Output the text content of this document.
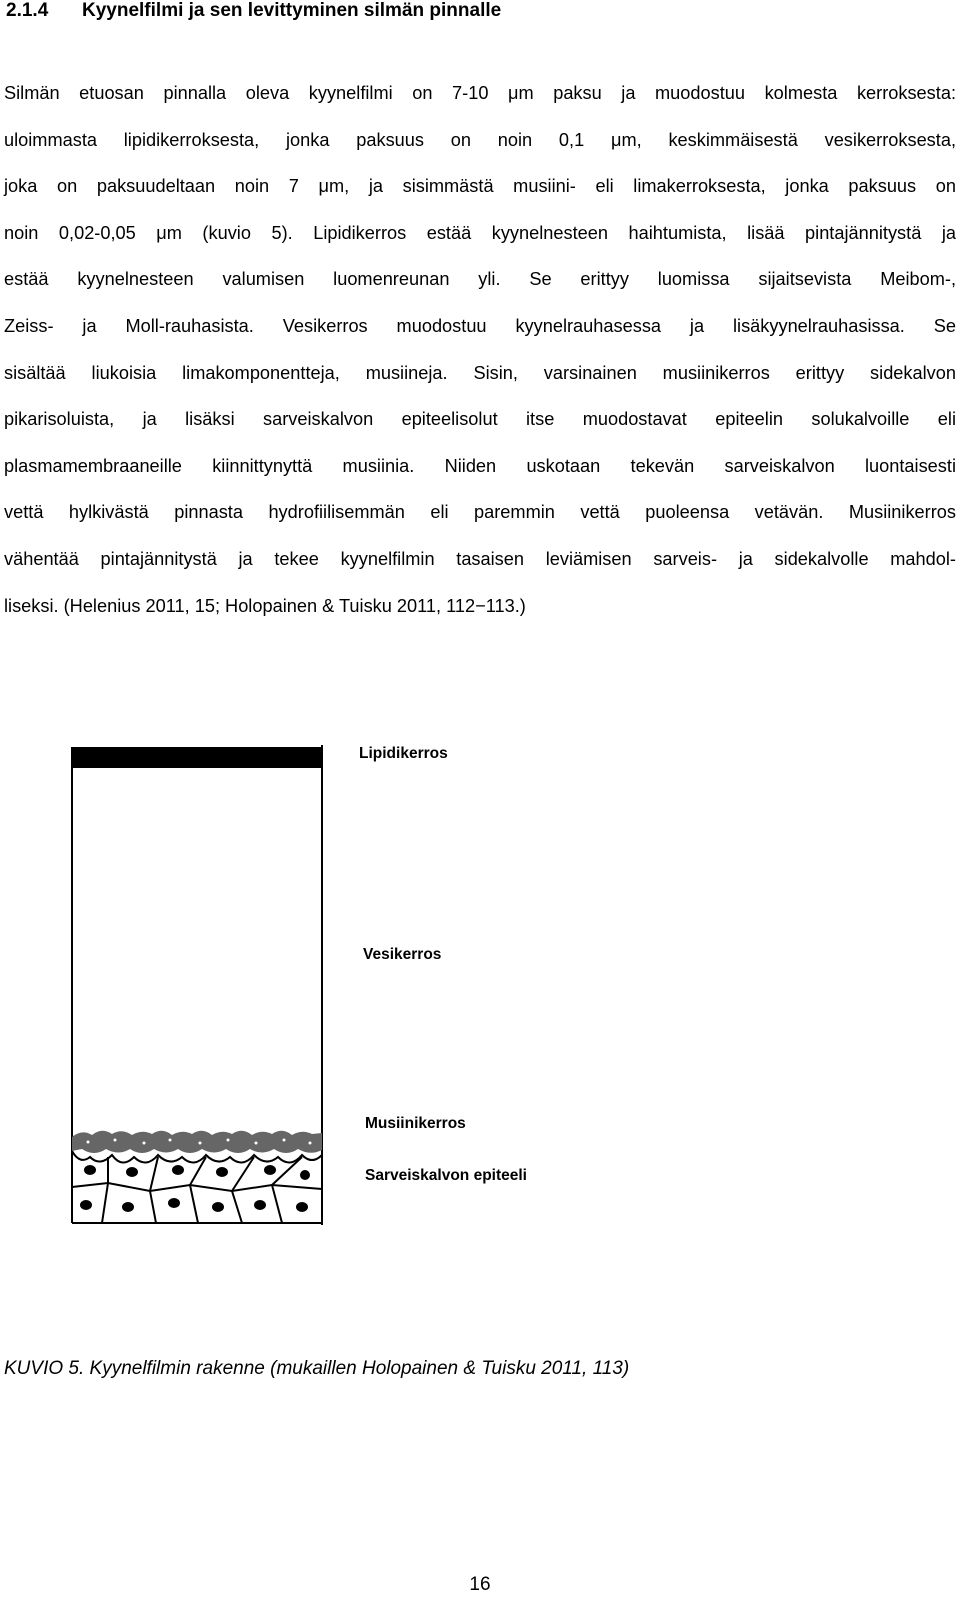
2.1.4 Kyynelfilmi ja sen levittyminen silmän pinnalle
Silmän etuosan pinnalla oleva kyynelfilmi on 7-10 μm paksu ja muodostuu kolmesta kerroksesta:
uloimmasta lipidikerroksesta, jonka paksuus on noin 0,1 μm, keskimmäisestä vesikerroksesta,
joka on paksuudeltaan noin 7 μm, ja sisimmästä musiini- eli limakerroksesta, jonka paksuus on
noin 0,02-0,05 μm (kuvio 5). Lipidikerros estää kyynelnesteen haihtumista, lisää pintajännitystä ja
estää kyynelnesteen valumisen luomenreunan yli. Se erittyy luomissa sijaitsevista Meibom-,
Zeiss- ja Moll-rauhasista. Vesikerros muodostuu kyynelrauhasessa ja lisäkyynelrauhasissa. Se
sisältää liukoisia limakomponentteja, musiineja. Sisin, varsinainen musiinikerros erittyy sidekalvon
pikarisoluista, ja lisäksi sarveiskalvon epiteelisolut itse muodostavat epiteelin solukalvoille eli
plasmamembraaneille kiinnittynyttä musiinia. Niiden uskotaan tekevän sarveiskalvon luontaisesti
vettä hylkivästä pinnasta hydrofiilisemmän eli paremmin vettä puoleensa vetävän. Musiinikerros
vähentää pintajännitystä ja tekee kyynelfilmin tasaisen leviämisen sarveis- ja sidekalvolle mahdol-
liseksi. (Helenius 2011, 15; Holopainen & Tuisku 2011, 112−113.)
Lipidikerros
Vesikerros
Musiinikerros
Sarveiskalvon epiteeli
KUVIO 5. Kyynelfilmin rakenne (mukaillen Holopainen & Tuisku 2011, 113)
16
